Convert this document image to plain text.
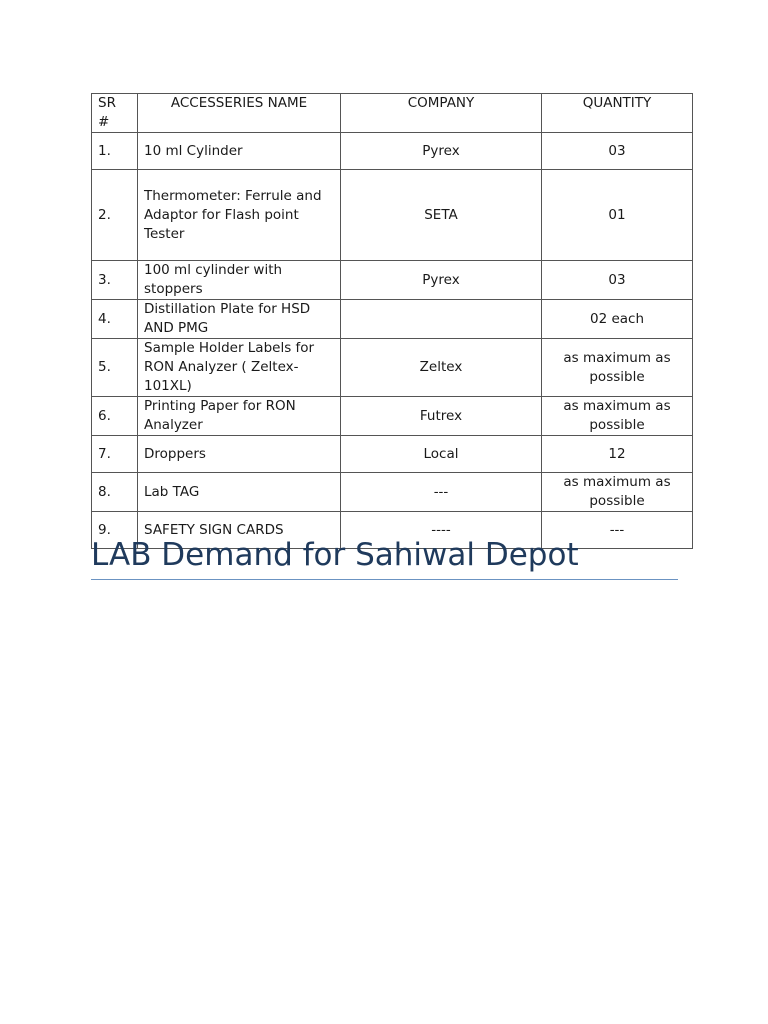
SR #	ACCESSERIES NAME	COMPANY	QUANTITY
1.	10 ml Cylinder	Pyrex	03
2.	Thermometer: Ferrule and Adaptor for Flash point Tester	SETA	01
3.	100 ml cylinder with stoppers	Pyrex	03
4.	Distillation Plate for HSD AND PMG		02 each
5.	Sample Holder Labels for RON Analyzer ( Zeltex-101XL)	Zeltex	as maximum as possible
6.	Printing Paper for RON Analyzer	Futrex	as maximum as possible
7.	Droppers	Local	12
8.	Lab TAG	---	as maximum as possible
9.	SAFETY SIGN CARDS	----	---
LAB Demand for Sahiwal Depot
